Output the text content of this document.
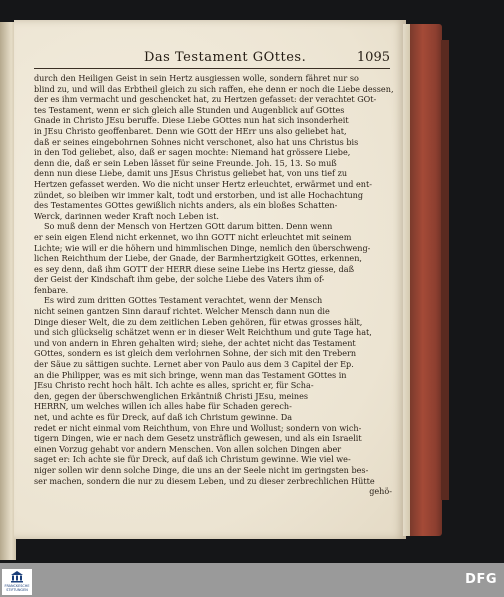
Das Testament GOttes.	1095
durch den Heiligen Geist in sein Hertz ausgiessen wolle, sondern fähret nur so
blind zu, und will das Erbtheil gleich zu sich raffen, ehe denn er noch die Liebe dessen,
der es ihm vermacht und geschencket hat, zu Hertzen gefasset: der verachtet GOt-
tes Testament, wenn er sich gleich alle Stunden und Augenblick auf GOttes
Gnade in Christo JEsu beruffe. Diese Liebe GOttes nun hat sich insonderheit
in JEsu Christo geoffenbaret. Denn wie GOtt der HErr uns also geliebet hat,
daß er seines eingebohrnen Sohnes nicht verschonet, also hat uns Christus bis
in den Tod geliebet, also, daß er sagen mochte: Niemand hat grössere Liebe,
denn die, daß er sein Leben lässet für seine Freunde. Joh. 15, 13. So muß
denn nun diese Liebe, damit uns JEsus Christus geliebet hat, von uns tief zu
Hertzen gefasset werden. Wo die nicht unser Hertz erleuchtet, erwärmet und ent-
zündet, so bleiben wir immer kalt, todt und erstorben, und ist alle Hochachtung
des Testamentes GOttes gewißlich nichts anders, als ein bloßes Schatten-
Werck, darinnen weder Kraft noch Leben ist.
So muß denn der Mensch von Hertzen GOtt darum bitten. Denn wenn
er sein eigen Elend nicht erkennet, wo ihn GOTT nicht erleuchtet mit seinem
Lichte; wie will er die höhern und himmlischen Dinge, nemlich den überschweng-
lichen Reichthum der Liebe, der Gnade, der Barmhertzigkeit GOttes, erkennen,
es sey denn, daß ihm GOTT der HERR diese seine Liebe ins Hertz giesse, daß
der Geist der Kindschaft ihm gebe, der solche Liebe des Vaters ihm of-
fenbare.
Es wird zum dritten GOttes Testament verachtet, wenn der Mensch
nicht seinen gantzen Sinn darauf richtet. Welcher Mensch dann nun die
Dinge dieser Welt, die zu dem zeitlichen Leben gehören, für etwas grosses hält,
und sich glückselig schätzet wenn er in dieser Welt Reichthum und gute Tage hat,
und von andern in Ehren gehalten wird; siehe, der achtet nicht das Testament
GOttes, sondern es ist gleich dem verlohrnen Sohne, der sich mit den Trebern
der Säue zu sättigen suchte. Lernet aber von Paulo aus dem 3 Capitel der Ep.
an die Philipper, was es mit sich bringe, wenn man das Testament GOttes in
JEsu Christo recht hoch hält. Ich achte es alles, spricht er, für Scha-
den, gegen der überschwenglichen Erkäntniß Christi JEsu, meines
HERRN, um welches willen ich alles habe für Schaden gerech-
net, und achte es für Dreck, auf daß ich Christum gewinne. Da
redet er nicht einmal vom Reichthum, von Ehre und Wollust; sondern von wich-
tigern Dingen, wie er nach dem Gesetz unsträflich gewesen, und als ein Israelit
einen Vorzug gehabt vor andern Menschen. Von allen solchen Dingen aber
saget er: Ich achte sie für Dreck, auf daß ich Christum gewinne. Wie viel we-
niger sollen wir denn solche Dinge, die uns an der Seele nicht im geringsten bes-
ser machen, sondern die nur zu diesem Leben, und zu dieser zerbrechlichen Hütte
gehö-
FRANCKESCHE STIFTUNGEN
DFG
